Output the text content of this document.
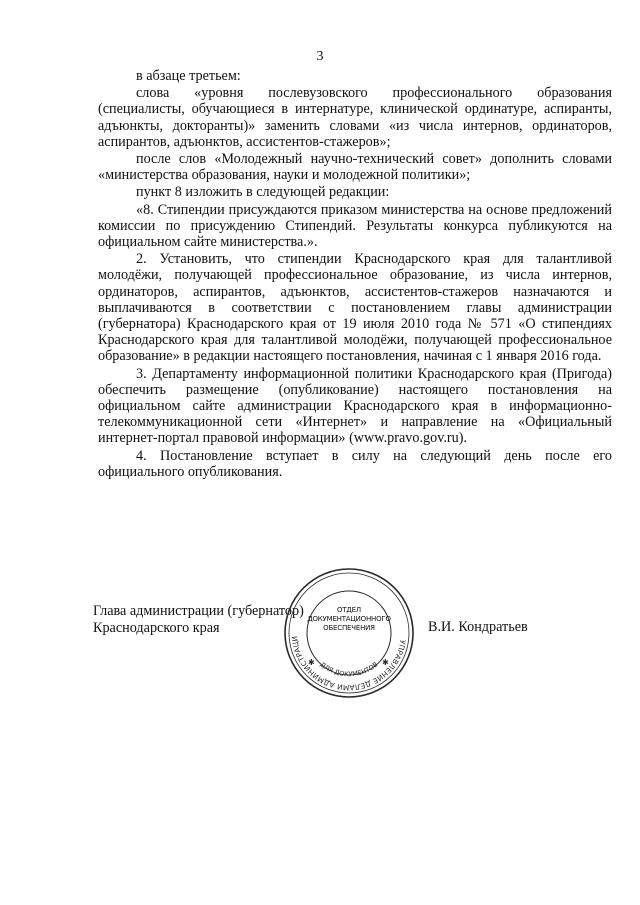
3

в абзаце третьем:

слова «уровня послевузовского профессионального образования (специалисты, обучающиеся в интернатуре, клинической ординатуре, аспиранты, адъюнкты, докторанты)» заменить словами «из числа интернов, ординаторов, аспирантов, адъюнктов, ассистентов-стажеров»;

после слов «Молодежный научно-технический совет» дополнить словами «министерства образования, науки и молодежной политики»;

пункт 8 изложить в следующей редакции:

«8. Стипендии присуждаются приказом министерства на основе предложений комиссии по присуждению Стипендий. Результаты конкурса публикуются на официальном сайте министерства.».

2. Установить, что стипендии Краснодарского края для талантливой молодёжи, получающей профессиональное образование, из числа интернов, ординаторов, аспирантов, адъюнктов, ассистентов-стажеров назначаются и выплачиваются в соответствии с постановлением главы администрации (губернатора) Краснодарского края от 19 июля 2010 года № 571 «О стипендиях Краснодарского края для талантливой молодёжи, получающей профессиональное образование» в редакции настоящего постановления, начиная с 1 января 2016 года.

3. Департаменту информационной политики Краснодарского края (Пригода) обеспечить размещение (опубликование) настоящего постановления на официальном сайте администрации Краснодарского края в информационно-телекоммуникационной сети «Интернет» и направление на «Официальный интернет-портал правовой информации» (www.pravo.gov.ru).

4. Постановление вступает в силу на следующий день после его официального опубликования.

Глава администрации (губернатор)
Краснодарского края	В.И. Кондратьев
УПРАВЛЕНИЕ ДЕЛАМИ АДМИНИСТРАЦИ
ДЛЯ ДОКУМЕНТОВ
✱	✱
ОТДЕЛ
ДОКУМЕНТАЦИОННОГО
ОБЕСПЕЧЕНИЯ
